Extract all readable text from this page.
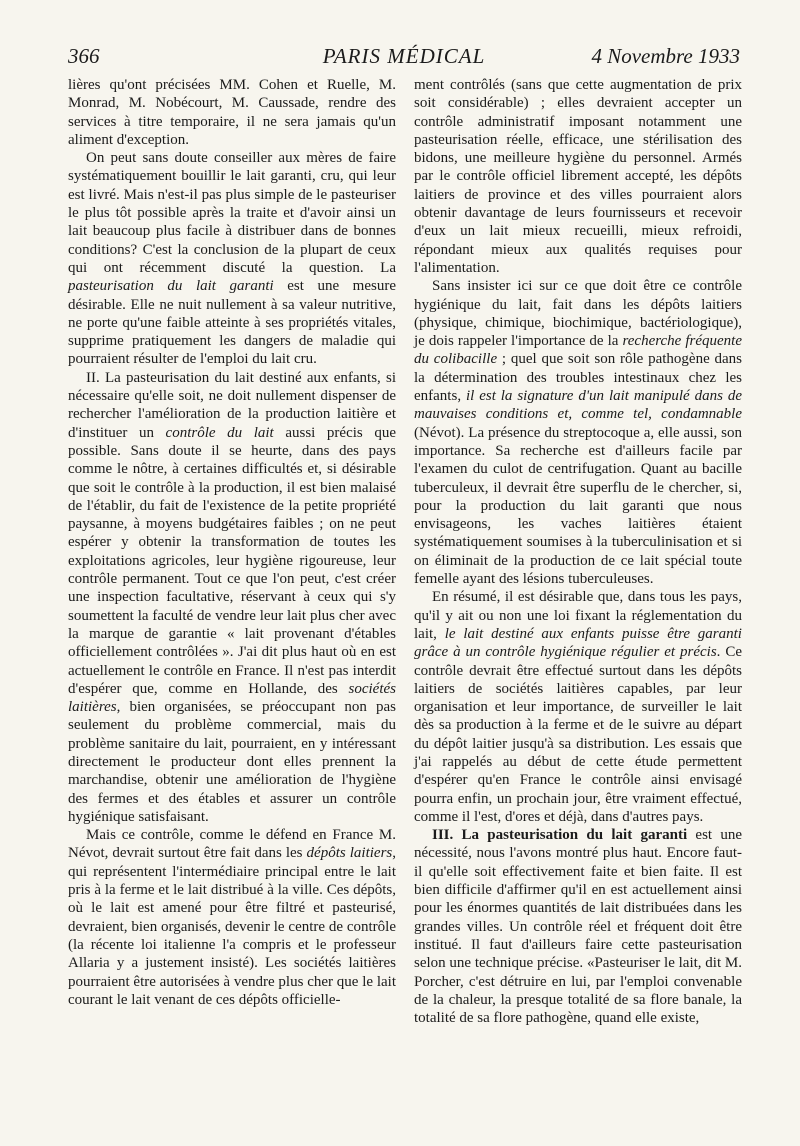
366	PARIS MÉDICAL	4 Novembre 1933

lières qu'ont précisées MM. Cohen et Ruelle, M. Monrad, M. Nobécourt, M. Caussade, rendre des services à titre temporaire, il ne sera jamais qu'un aliment d'exception.

On peut sans doute conseiller aux mères de faire systématiquement bouillir le lait garanti, cru, qui leur est livré. Mais n'est-il pas plus simple de le pasteuriser le plus tôt possible après la traite et d'avoir ainsi un lait beaucoup plus facile à distribuer dans de bonnes conditions? C'est la conclusion de la plupart de ceux qui ont récemment discuté la question. La pasteurisation du lait garanti est une mesure désirable. Elle ne nuit nullement à sa valeur nutritive, ne porte qu'une faible atteinte à ses propriétés vitales, supprime pratiquement les dangers de maladie qui pourraient résulter de l'emploi du lait cru.

II. La pasteurisation du lait destiné aux enfants, si nécessaire qu'elle soit, ne doit nullement dispenser de rechercher l'amélioration de la production laitière et d'instituer un contrôle du lait aussi précis que possible. Sans doute il se heurte, dans des pays comme le nôtre, à certaines difficultés et, si désirable que soit le contrôle à la production, il est bien malaisé de l'établir, du fait de l'existence de la petite propriété paysanne, à moyens budgétaires faibles ; on ne peut espérer y obtenir la transformation de toutes les exploitations agricoles, leur hygiène rigoureuse, leur contrôle permanent. Tout ce que l'on peut, c'est créer une inspection facultative, réservant à ceux qui s'y soumettent la faculté de vendre leur lait plus cher avec la marque de garantie « lait provenant d'étables officiellement contrôlées ». J'ai dit plus haut où en est actuellement le contrôle en France. Il n'est pas interdit d'espérer que, comme en Hollande, des sociétés laitières, bien organisées, se préoccupant non pas seulement du problème commercial, mais du problème sanitaire du lait, pourraient, en y intéressant directement le producteur dont elles prennent la marchandise, obtenir une amélioration de l'hygiène des fermes et des étables et assurer un contrôle hygiénique satisfaisant.

Mais ce contrôle, comme le défend en France M. Névot, devrait surtout être fait dans les dépôts laitiers, qui représentent l'intermédiaire principal entre le lait pris à la ferme et le lait distribué à la ville. Ces dépôts, où le lait est amené pour être filtré et pasteurisé, devraient, bien organisés, devenir le centre de contrôle (la récente loi italienne l'a compris et le professeur Allaria y a justement insisté). Les sociétés laitières pourraient être autorisées à vendre plus cher que le lait courant le lait venant de ces dépôts officielle-

ment contrôlés (sans que cette augmentation de prix soit considérable) ; elles devraient accepter un contrôle administratif imposant notamment une pasteurisation réelle, efficace, une stérilisation des bidons, une meilleure hygiène du personnel. Armés par le contrôle officiel librement accepté, les dépôts laitiers de province et des villes pourraient alors obtenir davantage de leurs fournisseurs et recevoir d'eux un lait mieux recueilli, mieux refroidi, répondant mieux aux qualités requises pour l'alimentation.

Sans insister ici sur ce que doit être ce contrôle hygiénique du lait, fait dans les dépôts laitiers (physique, chimique, biochimique, bactériologique), je dois rappeler l'importance de la recherche fréquente du colibacille ; quel que soit son rôle pathogène dans la détermination des troubles intestinaux chez les enfants, il est la signature d'un lait manipulé dans de mauvaises conditions et, comme tel, condamnable (Névot). La présence du streptocoque a, elle aussi, son importance. Sa recherche est d'ailleurs facile par l'examen du culot de centrifugation. Quant au bacille tuberculeux, il devrait être superflu de le chercher, si, pour la production du lait garanti que nous envisageons, les vaches laitières étaient systématiquement soumises à la tuberculinisation et si on éliminait de la production de ce lait spécial toute femelle ayant des lésions tuberculeuses.

En résumé, il est désirable que, dans tous les pays, qu'il y ait ou non une loi fixant la réglementation du lait, le lait destiné aux enfants puisse être garanti grâce à un contrôle hygiénique régulier et précis. Ce contrôle devrait être effectué surtout dans les dépôts laitiers de sociétés laitières capables, par leur organisation et leur importance, de surveiller le lait dès sa production à la ferme et de le suivre au départ du dépôt laitier jusqu'à sa distribution. Les essais que j'ai rappelés au début de cette étude permettent d'espérer qu'en France le contrôle ainsi envisagé pourra enfin, un prochain jour, être vraiment effectué, comme il l'est, d'ores et déjà, dans d'autres pays.

III. La pasteurisation du lait garanti est une nécessité, nous l'avons montré plus haut. Encore faut-il qu'elle soit effectivement faite et bien faite. Il est bien difficile d'affirmer qu'il en est actuellement ainsi pour les énormes quantités de lait distribuées dans les grandes villes. Un contrôle réel et fréquent doit être institué. Il faut d'ailleurs faire cette pasteurisation selon une technique précise. «Pasteuriser le lait, dit M. Porcher, c'est détruire en lui, par l'emploi convenable de la chaleur, la presque totalité de sa flore banale, la totalité de sa flore pathogène, quand elle existe,
